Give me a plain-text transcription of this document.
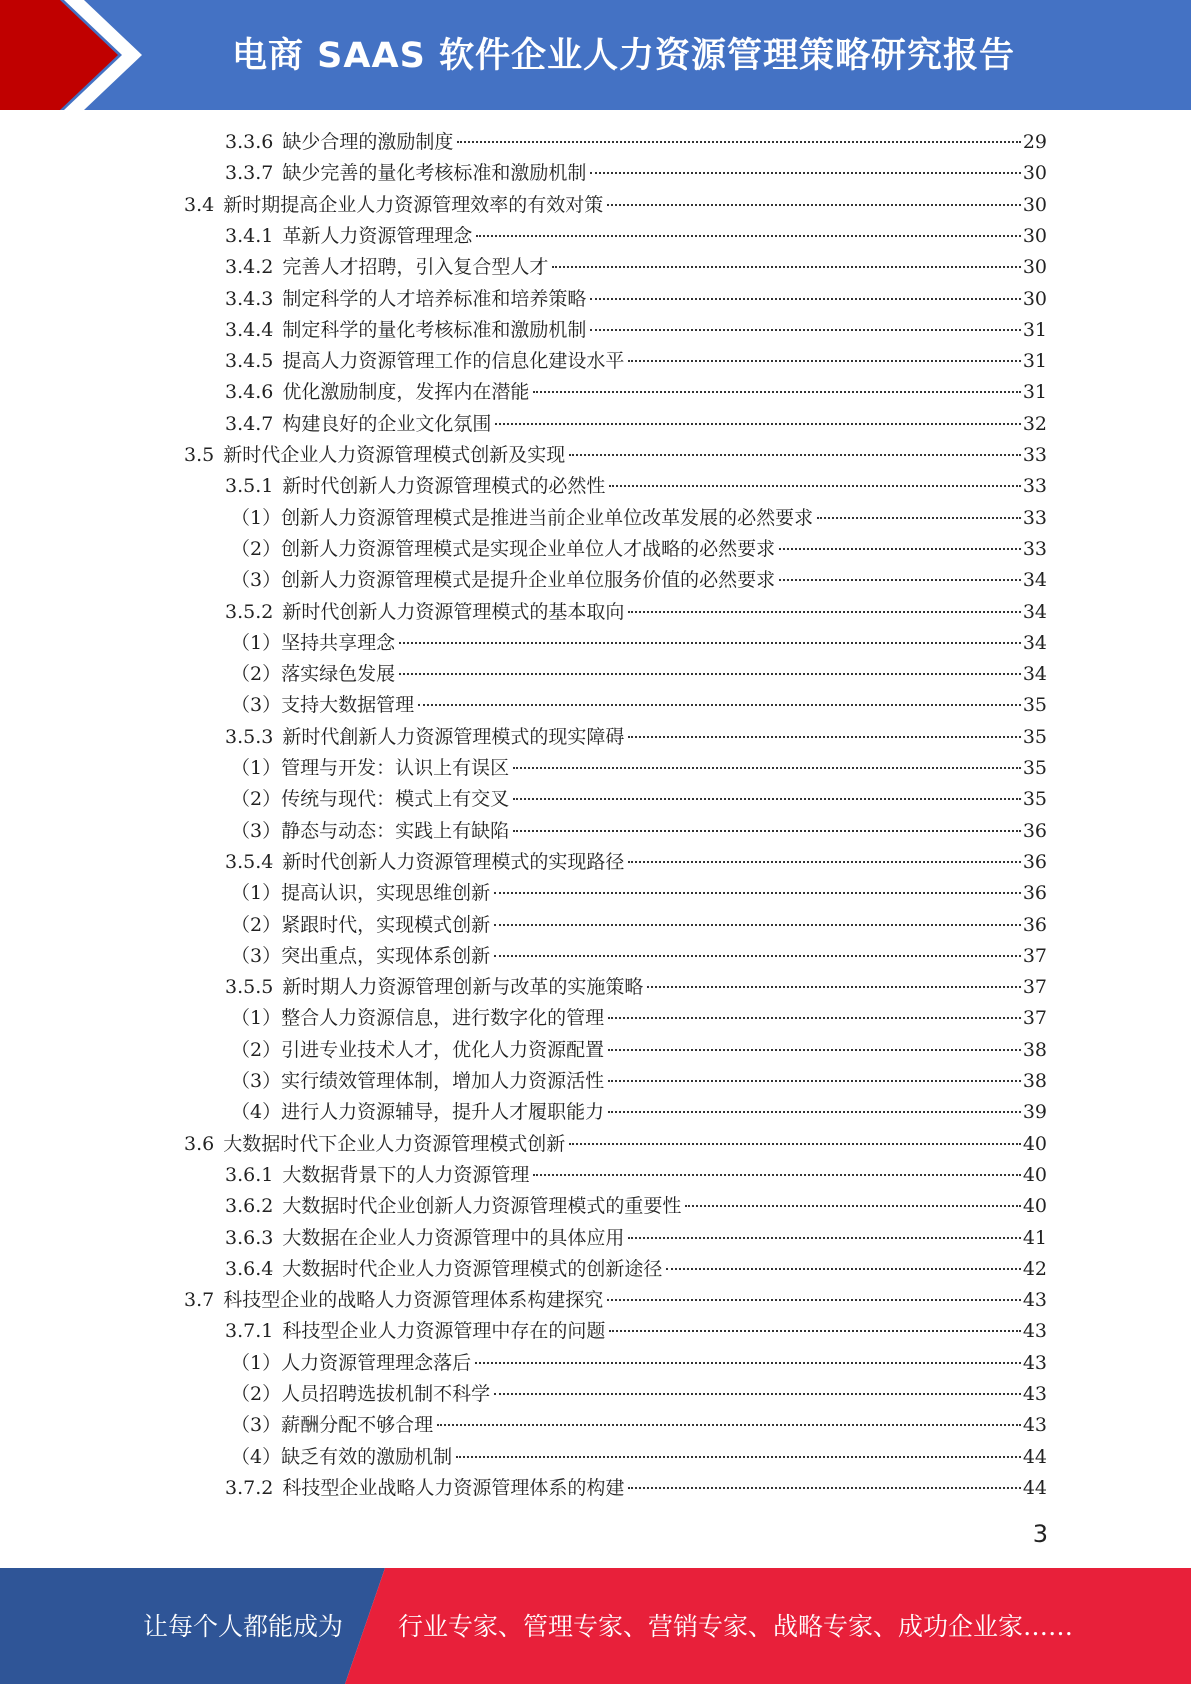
电商 SAAS 软件企业人力资源管理策略研究报告
3.3.6 缺少合理的激励制度	29
3.3.7 缺少完善的量化考核标准和激励机制	30
3.4 新时期提高企业人力资源管理效率的有效对策	30
3.4.1 革新人力资源管理理念	30
3.4.2 完善人才招聘，引入复合型人才	30
3.4.3 制定科学的人才培养标准和培养策略	30
3.4.4 制定科学的量化考核标准和激励机制	31
3.4.5 提高人力资源管理工作的信息化建设水平	31
3.4.6 优化激励制度，发挥内在潜能	31
3.4.7 构建良好的企业文化氛围	32
3.5 新时代企业人力资源管理模式创新及实现	33
3.5.1 新时代创新人力资源管理模式的必然性	33
（1） 创新人力资源管理模式是推进当前企业单位改革发展的必然要求	33
（2） 创新人力资源管理模式是实现企业单位人才战略的必然要求	33
（3） 创新人力资源管理模式是提升企业单位服务价值的必然要求	34
3.5.2 新时代创新人力资源管理模式的基本取向	34
（1） 坚持共享理念	34
（2） 落实绿色发展	34
（3） 支持大数据管理	35
3.5.3 新时代創新人力资源管理模式的现实障碍	35
（1） 管理与开发：认识上有误区	35
（2） 传统与现代：模式上有交叉	35
（3） 静态与动态：实践上有缺陷	36
3.5.4 新时代创新人力资源管理模式的实现路径	36
（1） 提高认识，实现思维创新	36
（2） 紧跟时代，实现模式创新	36
（3） 突出重点，实现体系创新	37
3.5.5 新时期人力资源管理创新与改革的实施策略	37
（1） 整合人力资源信息，进行数字化的管理	37
（2） 引进专业技术人才，优化人力资源配置	38
（3） 实行绩效管理体制，增加人力资源活性	38
（4） 进行人力资源辅导，提升人才履职能力	39
3.6 大数据时代下企业人力资源管理模式创新	40
3.6.1 大数据背景下的人力资源管理	40
3.6.2 大数据时代企业创新人力资源管理模式的重要性	40
3.6.3 大数据在企业人力资源管理中的具体应用	41
3.6.4 大数据时代企业人力资源管理模式的创新途径	42
3.7 科技型企业的战略人力资源管理体系构建探究	43
3.7.1 科技型企业人力资源管理中存在的问题	43
（1） 人力资源管理理念落后	43
（2） 人员招聘选拔机制不科学	43
（3） 薪酬分配不够合理	43
（4） 缺乏有效的激励机制	44
3.7.2 科技型企业战略人力资源管理体系的构建	44
3
让每个人都能成为 行业专家、管理专家、营销专家、战略专家、成功企业家……
